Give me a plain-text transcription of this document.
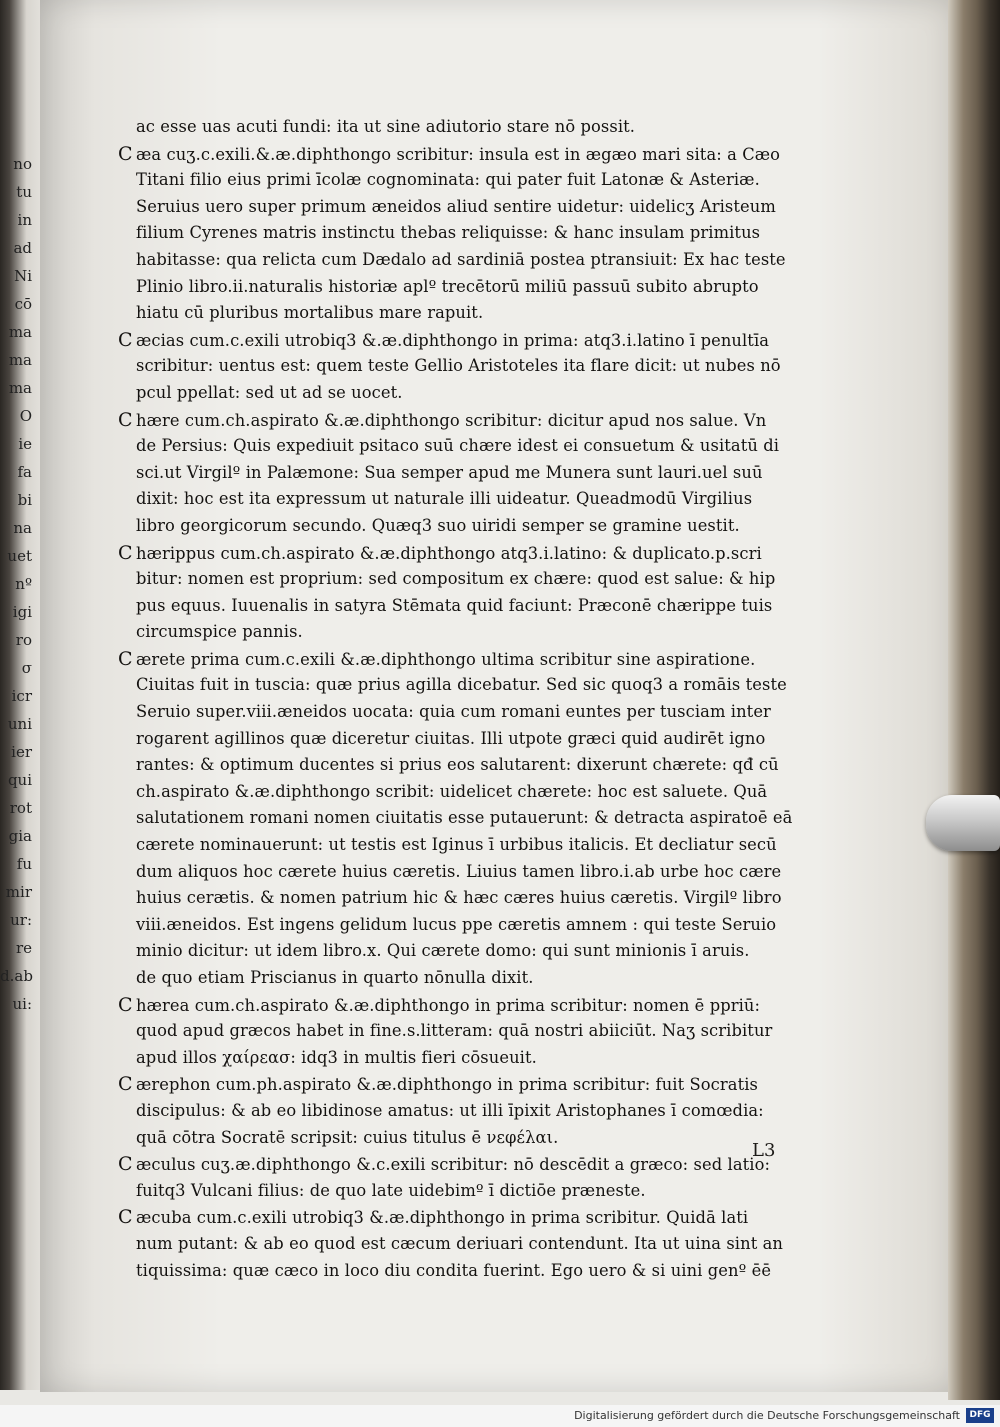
no
tu
in
ad
Ni
cō
ma
ma
ma
O
ie
fa
bi
na
uet
nº
igi
ro
σ
icr
uni
ier
qui
rot
gia
fu
mir
ur:
re
d.ab
ui:
ac esse uas acuti fundi: ita ut sine adiutorio stare nō possit.
C æa cuʒ.c.exili.&.æ.diphthongo scribitur: insula est in ægæo mari sita: a Cæo
Titani filio eius primi īcolæ cognominata: qui pater fuit Latonæ & Asteriæ.
Seruius uero super primum æneidos aliud sentire uidetur: uidelicʒ Aristeum
filium Cyrenes matris instinctu thebas reliquisse: & hanc insulam primitus
habitasse: qua relicta cum Dædalo ad sardiniā postea ptransiuit: Ex hac teste
Plinio libro.ii.naturalis historiæ aplº trecētorū miliū passuū subito abrupto
hiatu cū pluribus mortalibus mare rapuit.
C æcias cum.c.exili utrobiq3 &.æ.diphthongo in prima: atq3.i.latino ī penultīa
scribitur: uentus est: quem teste Gellio Aristoteles ita flare dicit: ut nubes nō
pcul ppellat: sed ut ad se uocet.
C hære cum.ch.aspirato &.æ.diphthongo scribitur: dicitur apud nos salue. Vn
de Persius: Quis expediuit psitaco suū chære idest ei consuetum & usitatū di
sci.ut Virgilº in Palæmone: Sua semper apud me Munera sunt lauri.uel suū
dixit: hoc est ita expressum ut naturale illi uideatur. Queadmodū Virgilius
libro georgicorum secundo. Quæq3 suo uiridi semper se gramine uestit.
C hærippus cum.ch.aspirato &.æ.diphthongo atq3.i.latino: & duplicato.p.scri
bitur: nomen est proprium: sed compositum ex chære: quod est salue: & hip
pus equus. Iuuenalis in satyra Stēmata quid faciunt: Præconē chærippe tuis
circumspice pannis.
C ærete prima cum.c.exili &.æ.diphthongo ultima scribitur sine aspiratione.
Ciuitas fuit in tuscia: quæ prius agilla dicebatur. Sed sic quoq3 a romāis teste
Seruio super.viii.æneidos uocata: quia cum romani euntes per tusciam inter
rogarent agillinos quæ diceretur ciuitas. Illi utpote græci quid audirēt igno
rantes: & optimum ducentes si prius eos salutarent: dixerunt chærete: qđ cū
ch.aspirato &.æ.diphthongo scribit: uidelicet chærete: hoc est saluete. Quā
salutationem romani nomen ciuitatis esse putauerunt: & detracta aspiratoē eā
cærete nominauerunt: ut testis est Iginus ī urbibus italicis. Et decliatur secū
dum aliquos hoc cærete huius cæretis. Liuius tamen libro.i.ab urbe hoc cære
huius cerætis. & nomen patrium hic & hæc cæres huius cæretis. Virgilº libro
viii.æneidos. Est ingens gelidum lucus ppe cæretis amnem : qui teste Seruio
minio dicitur: ut idem libro.x. Qui cærete domo: qui sunt minionis ī aruis.
de quo etiam Priscianus in quarto nōnulla dixit.
C hærea cum.ch.aspirato &.æ.diphthongo in prima scribitur: nomen ē ppriū:
quod apud græcos habet in fine.s.litteram: quā nostri abiiciūt. Naʒ scribitur
apud illos χαίρεασ: idq3 in multis fieri cōsueuit.
C ærephon cum.ph.aspirato &.æ.diphthongo in prima scribitur: fuit Socratis
discipulus: & ab eo libidinose amatus: ut illi īpixit Aristophanes ī comœdia:
quā cōtra Socratē scripsit: cuius titulus ē νεφέλαι.
C æculus cuʒ.æ.diphthongo &.c.exili scribitur: nō descēdit a græco: sed latio:
fuitq3 Vulcani filius: de quo late uidebimº ī dictiōe præneste.
C æcuba cum.c.exili utrobiq3 &.æ.diphthongo in prima scribitur. Quidā lati
num putant: & ab eo quod est cæcum deriuari contendunt. Ita ut uina sint an
tiquissima: quæ cæco in loco diu condita fuerint. Ego uero & si uini genº ēē
L3
Digitalisierung gefördert durch die Deutsche Forschungsgemeinschaft	DFG
